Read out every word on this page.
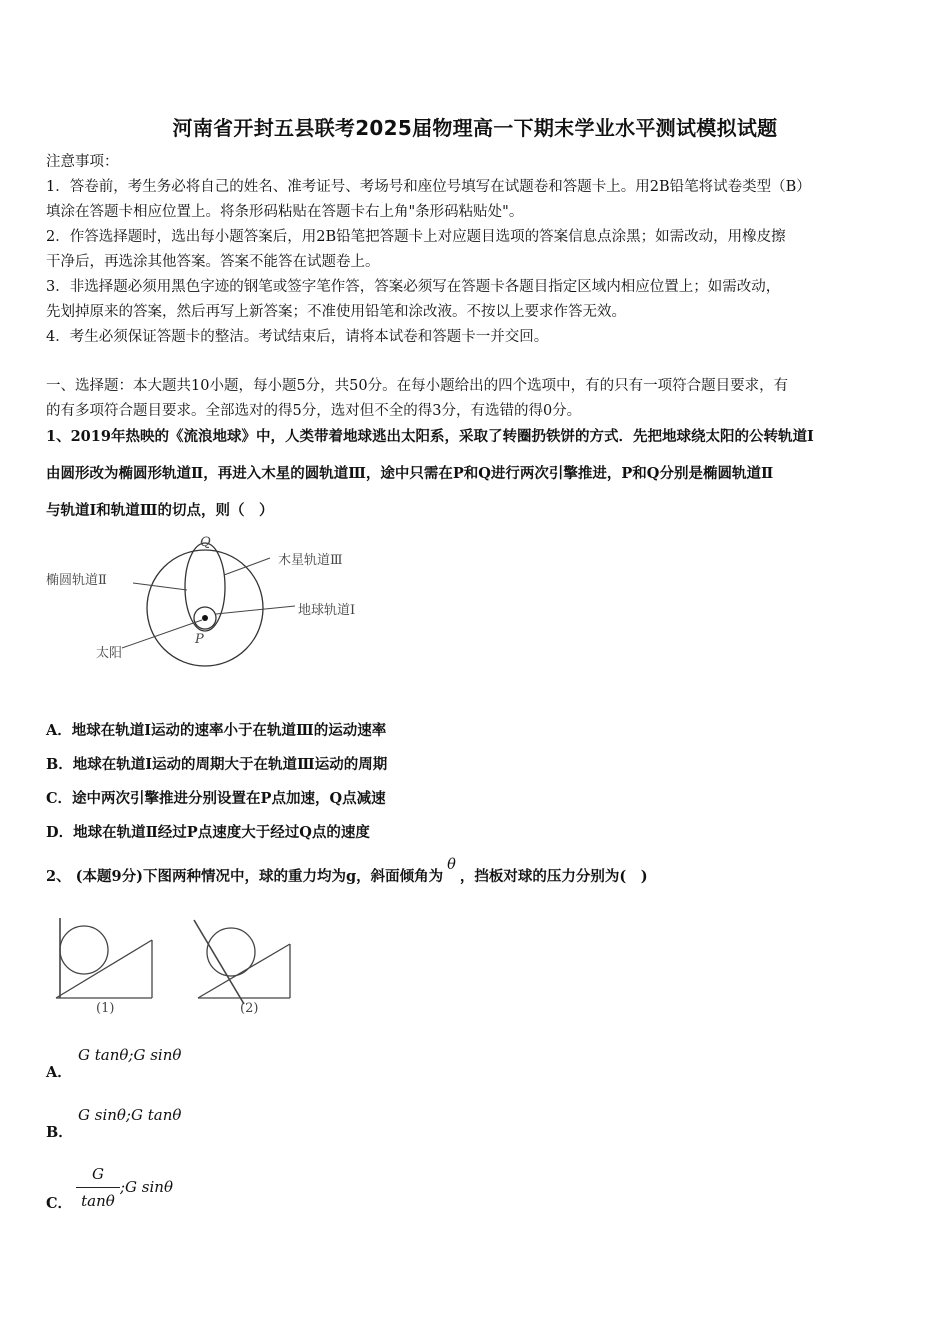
河南省开封五县联考2025届物理高一下期末学业水平测试模拟试题
注意事项：
1．答卷前，考生务必将自己的姓名、准考证号、考场号和座位号填写在试题卷和答题卡上。用2B铅笔将试卷类型（B）
填涂在答题卡相应位置上。将条形码粘贴在答题卡右上角"条形码粘贴处"。
2．作答选择题时，选出每小题答案后，用2B铅笔把答题卡上对应题目选项的答案信息点涂黑；如需改动，用橡皮擦
干净后，再选涂其他答案。答案不能答在试题卷上。
3．非选择题必须用黑色字迹的钢笔或签字笔作答，答案必须写在答题卡各题目指定区域内相应位置上；如需改动，
先划掉原来的答案，然后再写上新答案；不准使用铅笔和涂改液。不按以上要求作答无效。
4．考生必须保证答题卡的整洁。考试结束后，请将本试卷和答题卡一并交回。
一、选择题：本大题共10小题，每小题5分，共50分。在每小题给出的四个选项中，有的只有一项符合题目要求，有
的有多项符合题目要求。全部选对的得5分，选对但不全的得3分，有选错的得0分。
1、2019年热映的《流浪地球》中，人类带着地球逃出太阳系，采取了转圈扔铁饼的方式．先把地球绕太阳的公转轨道Ⅰ
由圆形改为椭圆形轨道Ⅱ，再进入木星的圆轨道Ⅲ，途中只需在P和Q进行两次引擎推进，P和Q分别是椭圆轨道Ⅱ
与轨道Ⅰ和轨道Ⅲ的切点，则（　）
Q
P
椭圆轨道Ⅱ
木星轨道Ⅲ
地球轨道Ⅰ
太阳
A．地球在轨道Ⅰ运动的速率小于在轨道Ⅲ的运动速率
B．地球在轨道Ⅰ运动的周期大于在轨道Ⅲ运动的周期
C．途中两次引擎推进分别设置在P点加速，Q点减速
D．地球在轨道Ⅱ经过P点速度大于经过Q点的速度
2、 (本题9分)下图两种情况中，球的重力均为g，斜面倾角为θ，挡板对球的压力分别为(　)
(1)	(2)
A．
G tanθ;G sinθ
B．
G sinθ;G tanθ
C．
G
tanθ
;G sinθ
